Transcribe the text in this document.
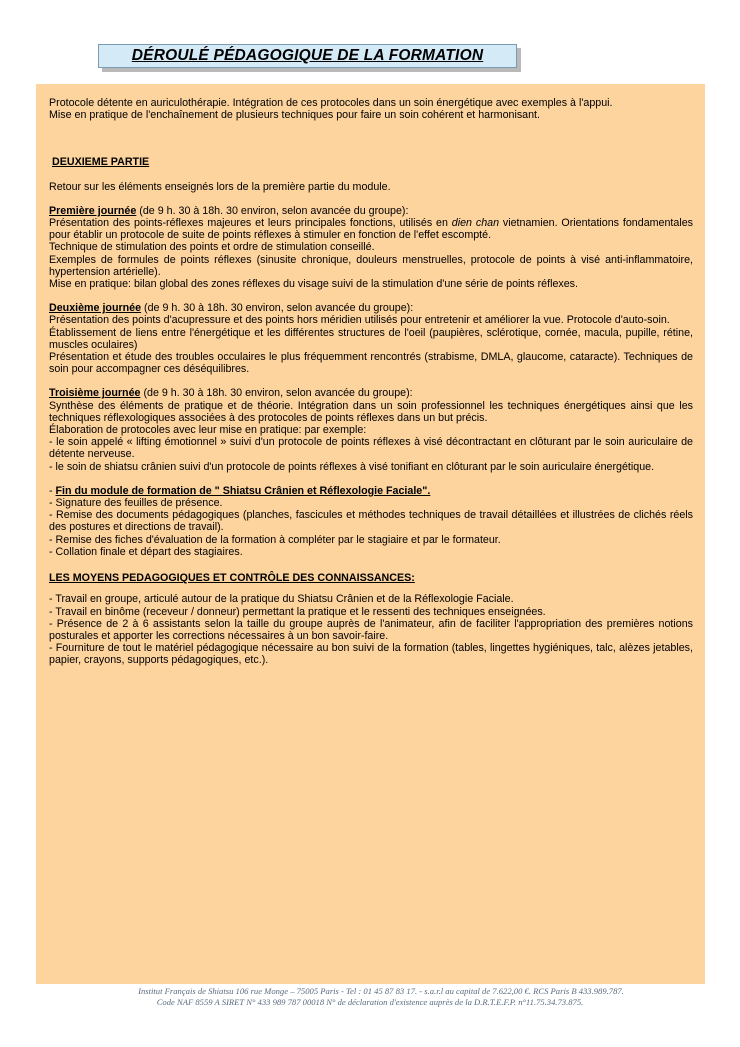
DÉROULÉ PÉDAGOGIQUE DE LA FORMATION

Protocole détente en auriculothérapie. Intégration de ces protocoles dans un soin énergétique avec exemples à l'appui.

Mise en pratique de l'enchaînement de plusieurs techniques pour faire un soin cohérent et harmonisant.

DEUXIEME PARTIE

Retour sur les éléments enseignés lors de la première partie du module.

Première journée (de 9 h. 30 à 18h. 30 environ, selon avancée du groupe):

Présentation des points-réflexes majeures et leurs principales fonctions, utilisés en dien chan vietnamien. Orientations fondamentales pour établir un protocole de suite de points réflexes à stimuler en fonction de l'effet escompté.

Technique de stimulation des points et ordre de stimulation conseillé.

Exemples de formules de points réflexes (sinusite chronique, douleurs menstruelles, protocole de points à visé anti-inflammatoire, hypertension artérielle).

Mise en pratique: bilan global des zones réflexes du visage suivi de la stimulation d'une série de points réflexes.

Deuxième journée (de 9 h. 30 à 18h. 30 environ, selon avancée du groupe):

Présentation des points d'acupressure et des points hors méridien utilisés pour entretenir et améliorer la vue. Protocole d'auto-soin.

Établissement de liens entre l'énergétique et les différentes structures de l'oeil (paupières, sclérotique, cornée, macula, pupille, rétine, muscles oculaires)

Présentation et étude des troubles occulaires le plus fréquemment rencontrés (strabisme, DMLA, glaucome, cataracte). Techniques de soin pour accompagner ces déséquilibres.

Troisième journée (de 9 h. 30 à 18h. 30 environ, selon avancée du groupe):

Synthèse des éléments de pratique et de théorie. Intégration dans un soin professionnel les techniques énergétiques ainsi que les techniques réflexologiques associées à des protocoles de points réflexes dans un but précis.

Élaboration de protocoles avec leur mise en pratique: par exemple:

- le soin appelé « lifting émotionnel » suivi d'un protocole de points réflexes à visé décontractant en clôturant par le soin auriculaire de détente nerveuse.

- le soin de shiatsu crânien suivi d'un protocole de points réflexes à visé tonifiant en clôturant par le soin auriculaire énergétique.

- Fin du module de formation de " Shiatsu Crânien et Réflexologie Faciale".

- Signature des feuilles de présence.

- Remise des documents pédagogiques (planches, fascicules et méthodes techniques de travail détaillées et illustrées de clichés réels des postures et directions de travail).

- Remise des fiches d'évaluation de la formation à compléter par le stagiaire et par le formateur.

- Collation finale et départ des stagiaires.

LES MOYENS PEDAGOGIQUES ET CONTRÔLE DES CONNAISSANCES:

- Travail en groupe, articulé autour de la pratique du Shiatsu Crânien et de la Réflexologie Faciale.

- Travail en binôme (receveur / donneur) permettant la pratique et le ressenti des techniques enseignées.

- Présence de 2 à 6 assistants selon la taille du groupe auprès de l'animateur, afin de faciliter l'appropriation des premières notions posturales et apporter les corrections nécessaires à un bon savoir-faire.

- Fourniture de tout le matériel pédagogique nécessaire au bon suivi de la formation (tables, lingettes hygiéniques, talc, alèzes jetables, papier, crayons, supports pédagogiques, etc.).

Institut Français de Shiatsu 106 rue Monge – 75005 Paris - Tel : 01 45 87 83 17. - s.a.r.l au capital de 7.622,00 €. RCS Paris B 433.989.787.
Code NAF 8559 A SIRET N° 433 989 787 00018 N° de déclaration d'existence auprès de la D.R.T.E.F.P. n°11.75.34.73.875.
